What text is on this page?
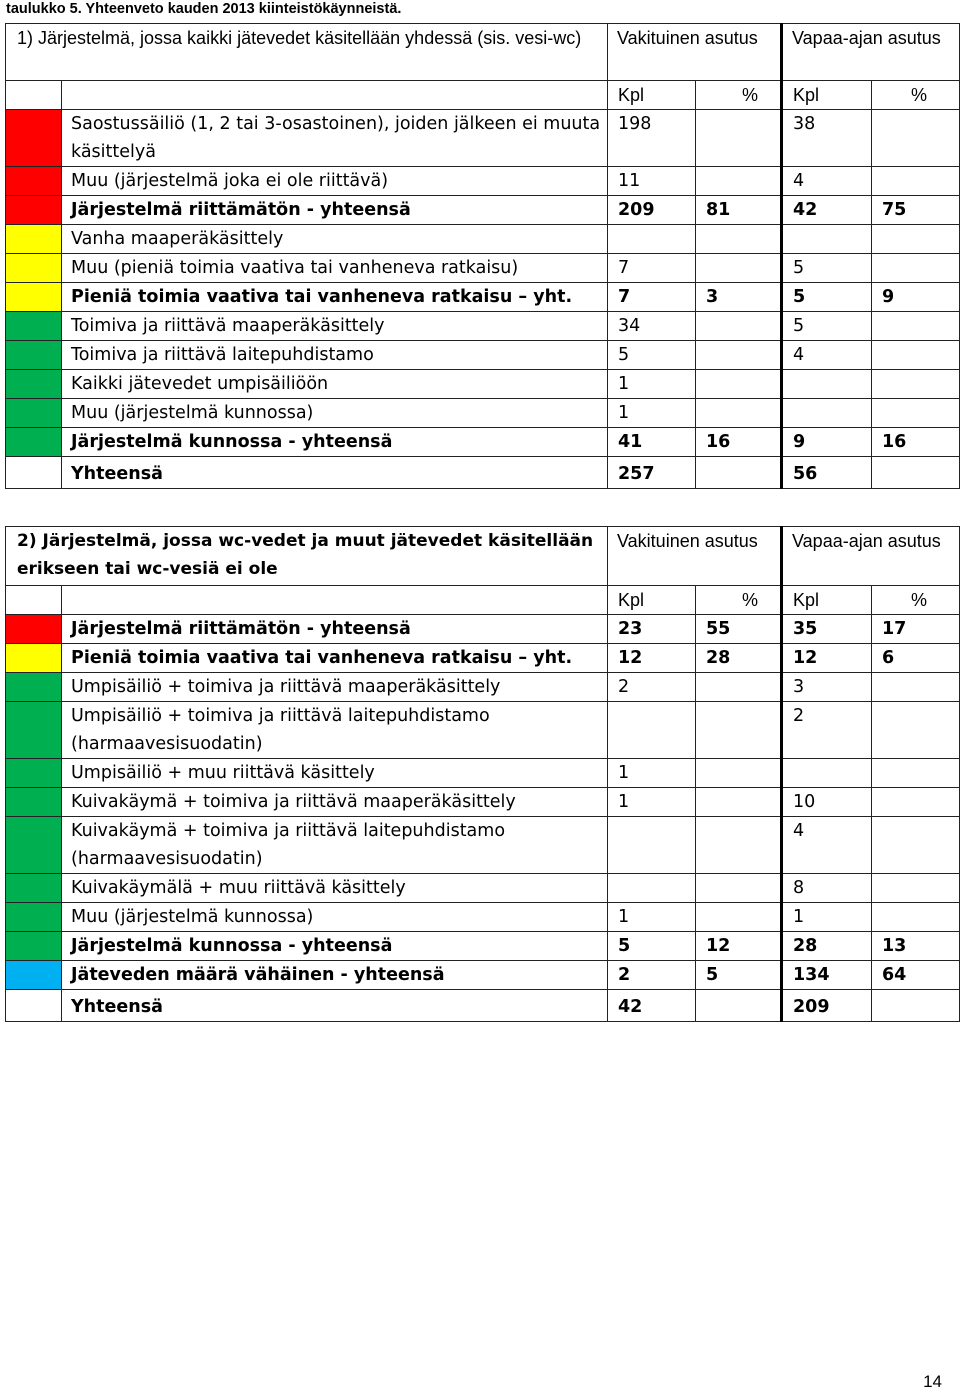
taulukko 5. Yhteenveto kauden 2013 kiinteistökäynneistä.
1) Järjestelmä, jossa kaikki jätevedet käsitellään yhdessä (sis. vesi-wc)		Vakituinen asutus		Vapaa-ajan asutus	
		Kpl	%	Kpl	%
	Saostussäiliö (1, 2 tai 3-osastoinen), joiden jälkeen ei muuta käsittelyä	198		38	
	Muu (järjestelmä joka ei ole riittävä)	11		4	
	Järjestelmä riittämätön - yhteensä	209	81	42	75
	Vanha maaperäkäsittely				
	Muu (pieniä toimia vaativa tai vanheneva ratkaisu)	7		5	
	Pieniä toimia vaativa tai vanheneva ratkaisu – yht.	7	3	5	9
	Toimiva ja riittävä maaperäkäsittely	34		5	
	Toimiva ja riittävä laitepuhdistamo	5		4	
	Kaikki jätevedet umpisäiliöön	1			
	Muu (järjestelmä kunnossa)	1			
	Järjestelmä kunnossa - yhteensä	41	16	9	16
	Yhteensä	257		56	
2) Järjestelmä, jossa wc-vedet ja muut jätevedet käsitellään erikseen tai wc-vesiä ei ole		Vakituinen asutus		Vapaa-ajan asutus	
		Kpl	%	Kpl	%
	Järjestelmä riittämätön - yhteensä	23	55	35	17
	Pieniä toimia vaativa tai vanheneva ratkaisu – yht.	12	28	12	6
	Umpisäiliö + toimiva ja riittävä maaperäkäsittely	2		3	
	Umpisäiliö + toimiva ja riittävä laitepuhdistamo (harmaavesisuodatin)			2	
	Umpisäiliö + muu riittävä käsittely	1			
	Kuivakäymä + toimiva ja riittävä maaperäkäsittely	1		10	
	Kuivakäymä + toimiva ja riittävä laitepuhdistamo (harmaavesisuodatin)			4	
	Kuivakäymälä + muu riittävä käsittely			8	
	Muu (järjestelmä kunnossa)	1		1	
	Järjestelmä kunnossa - yhteensä	5	12	28	13
	Jäteveden määrä vähäinen - yhteensä	2	5	134	64
	Yhteensä	42		209	
14
